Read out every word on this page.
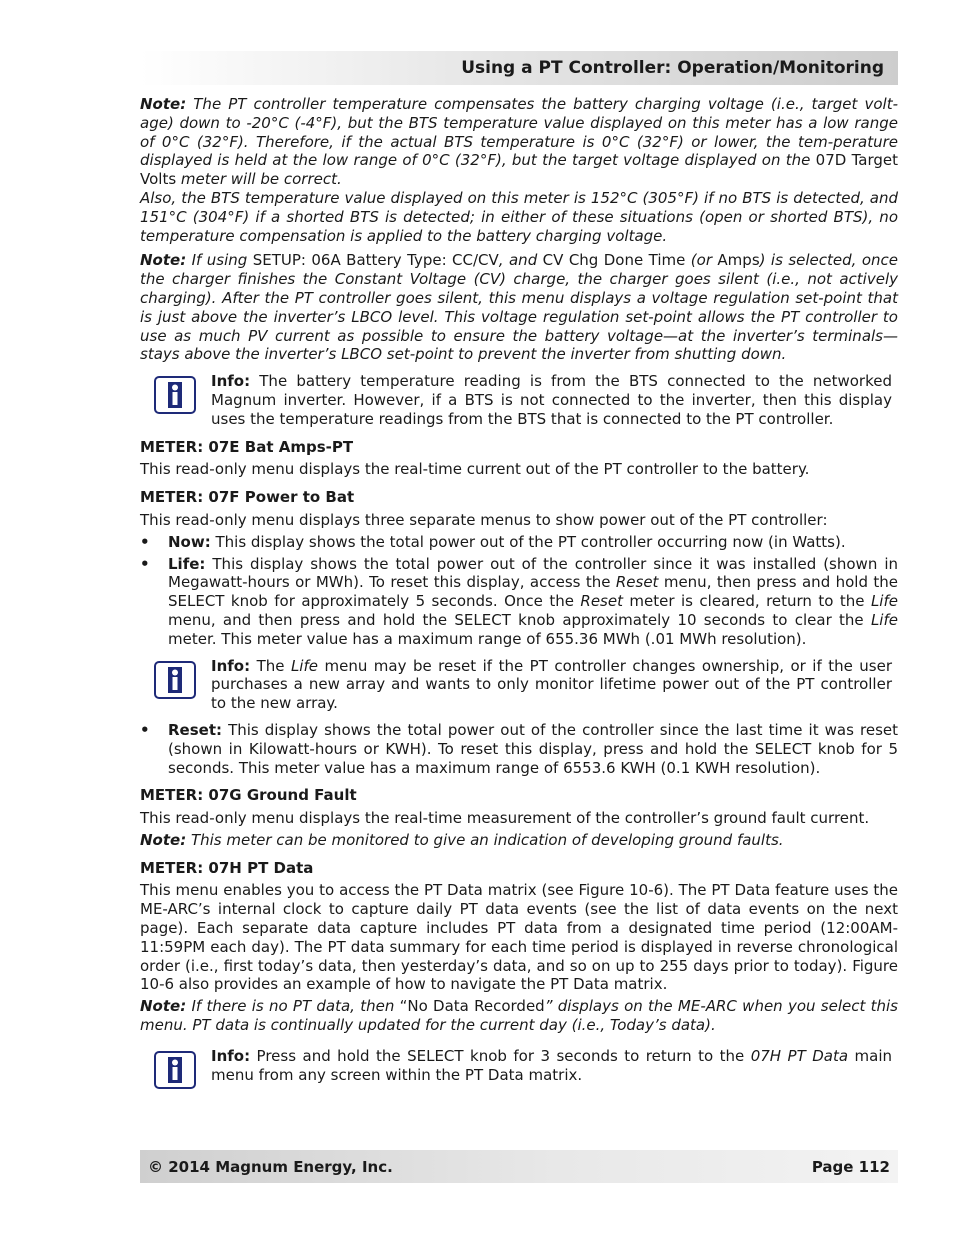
Using a PT Controller: Operation/Monitoring

Note: The PT controller temperature compensates the battery charging voltage (i.e., target volt-age) down to -20°C (-4°F), but the BTS temperature value displayed on this meter has a low range of 0°C (32°F). Therefore, if the actual BTS temperature is 0°C (32°F) or lower, the tem-perature displayed is held at the low range of 0°C (32°F), but the target voltage displayed on the 07D Target Volts meter will be correct.

Also, the BTS temperature value displayed on this meter is 152°C (305°F) if no BTS is detected, and 151°C (304°F) if a shorted BTS is detected; in either of these situations (open or shorted BTS), no temperature compensation is applied to the battery charging voltage.

Note: If using SETUP: 06A Battery Type: CC/CV, and CV Chg Done Time (or Amps) is selected, once the charger finishes the Constant Voltage (CV) charge, the charger goes silent (i.e., not actively charging). After the PT controller goes silent, this menu displays a voltage regulation set-point that is just above the inverter’s LBCO level. This voltage regulation set-point allows the PT controller to use as much PV current as possible to ensure the battery voltage—at the inverter’s terminals—stays above the inverter’s LBCO set-point to prevent the inverter from shutting down.

Info: The battery temperature reading is from the BTS connected to the networked Magnum inverter. However, if a BTS is not connected to the inverter, then this display uses the temperature readings from the BTS that is connected to the PT controller.

METER: 07E Bat Amps-PT

This read-only menu displays the real-time current out of the PT controller to the battery.

METER: 07F Power to Bat

This read-only menu displays three separate menus to show power out of the PT controller:

• Now: This display shows the total power out of the PT controller occurring now (in Watts).

• Life: This display shows the total power out of the controller since it was installed (shown in Megawatt-hours or MWh). To reset this display, access the Reset menu, then press and hold the SELECT knob for approximately 5 seconds. Once the Reset meter is cleared, return to the Life menu, and then press and hold the SELECT knob approximately 10 seconds to clear the Life meter. This meter value has a maximum range of 655.36 MWh (.01 MWh resolution).

Info: The Life menu may be reset if the PT controller changes ownership, or if the user purchases a new array and wants to only monitor lifetime power out of the PT controller to the new array.

• Reset: This display shows the total power out of the controller since the last time it was reset (shown in Kilowatt-hours or KWH). To reset this display, press and hold the SELECT knob for 5 seconds. This meter value has a maximum range of 6553.6 KWH (0.1 KWH resolution).

METER: 07G Ground Fault

This read-only menu displays the real-time measurement of the controller’s ground fault current.

Note: This meter can be monitored to give an indication of developing ground faults.

METER: 07H PT Data

This menu enables you to access the PT Data matrix (see Figure 10-6). The PT Data feature uses the ME-ARC’s internal clock to capture daily PT data events (see the list of data events on the next page). Each separate data capture includes PT data from a designated time period (12:00AM-11:59PM each day). The PT data summary for each time period is displayed in reverse chronological order (i.e., first today’s data, then yesterday’s data, and so on up to 255 days prior to today). Figure 10-6 also provides an example of how to navigate the PT Data matrix.

Note: If there is no PT data, then “No Data Recorded” displays on the ME-ARC when you select this menu. PT data is continually updated for the current day (i.e., Today’s data).

Info: Press and hold the SELECT knob for 3 seconds to return to the 07H PT Data main menu from any screen within the PT Data matrix.

© 2014 Magnum Energy, Inc.	Page 112
